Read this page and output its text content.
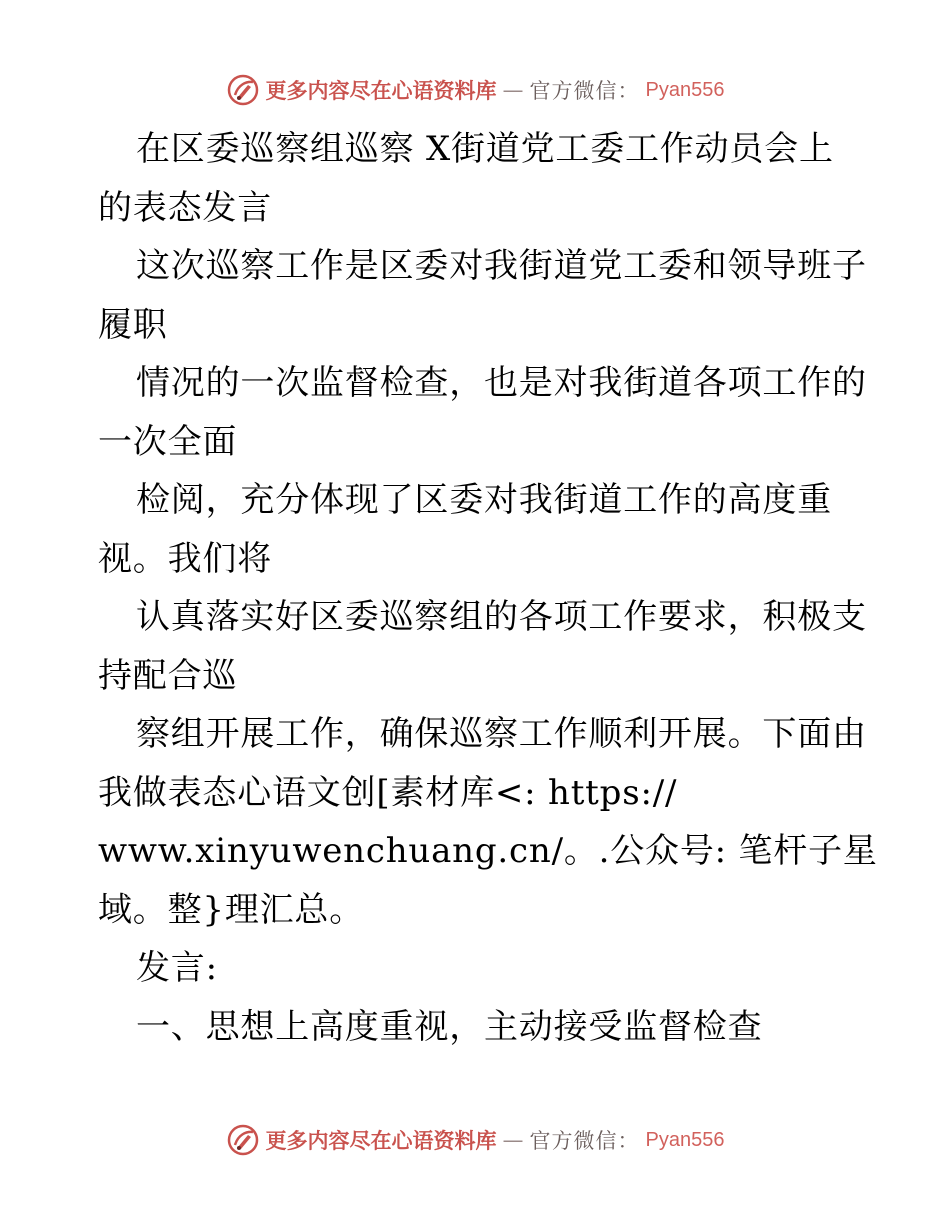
更多内容尽在心语资料库 — 官方微信： Pyan556
在区委巡察组巡察 X街道党工委工作动员会上
的表态发言
这次巡察工作是区委对我街道党工委和领导班子
履职
情况的一次监督检查，也是对我街道各项工作的
一次全面
检阅，充分体现了区委对我街道工作的高度重
视。我们将
认真落实好区委巡察组的各项工作要求，积极支
持配合巡
察组开展工作，确保巡察工作顺利开展。下面由
我做表态心语文创[素材库<: https://
www.xinyuwenchuang.cn/。.公众号: 笔杆子星
域。整}理汇总。
发言:
一、思想上高度重视，主动接受监督检查
更多内容尽在心语资料库 — 官方微信： Pyan556
